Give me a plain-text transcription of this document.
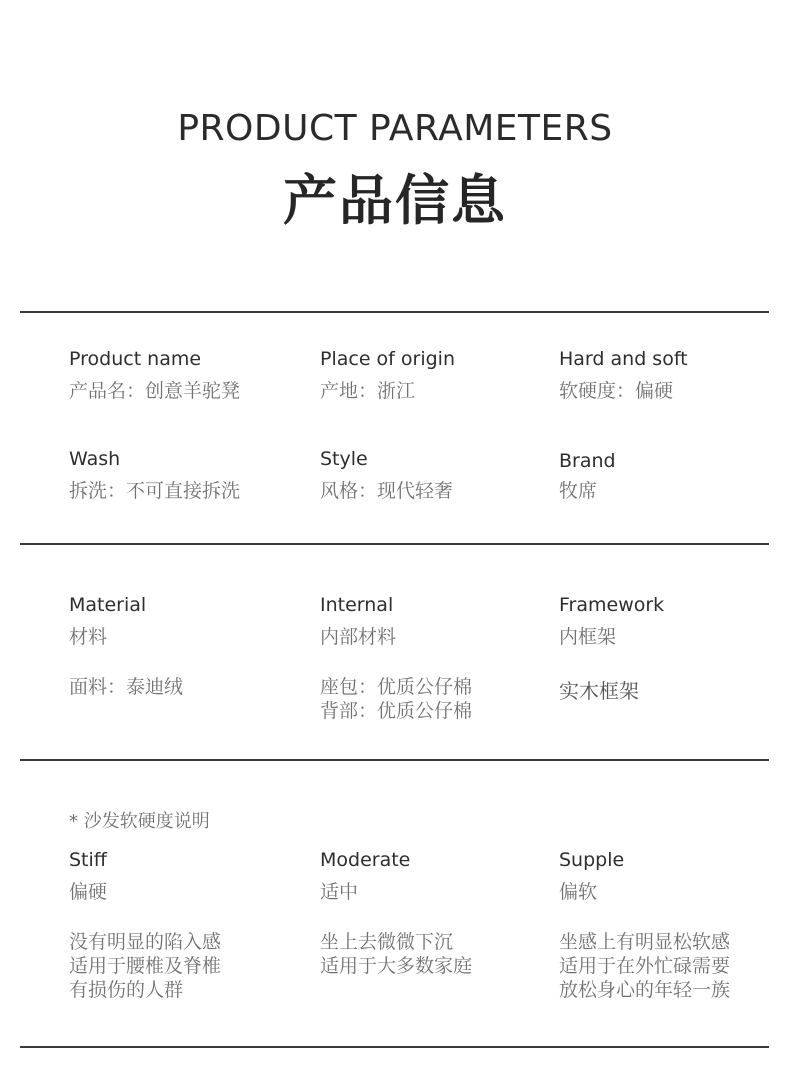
PRODUCT PARAMETERS
产品信息
Product name
产品名：创意羊驼凳
Place of origin
产地：浙江
Hard and soft
软硬度：偏硬
Wash
拆洗：不可直接拆洗
Style
风格：现代轻奢
Brand
牧席
Material
材料
面料：泰迪绒
Internal
内部材料
座包：优质公仔棉
背部：优质公仔棉
Framework
内框架
实木框架
* 沙发软硬度说明
Stiff
偏硬
没有明显的陷入感
适用于腰椎及脊椎
有损伤的人群
Moderate
适中
坐上去微微下沉
适用于大多数家庭
Supple
偏软
坐感上有明显松软感
适用于在外忙碌需要
放松身心的年轻一族
